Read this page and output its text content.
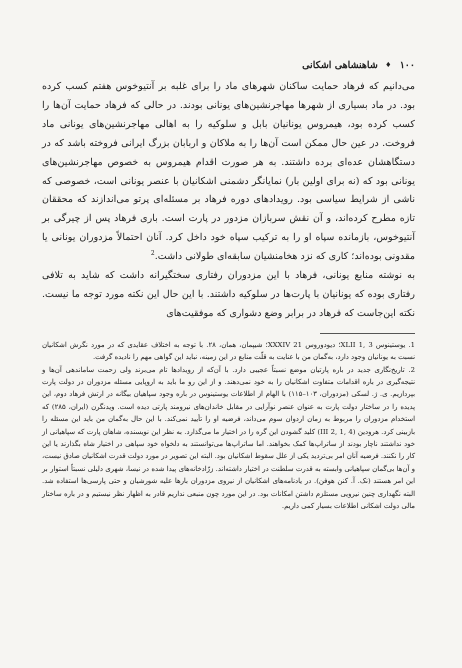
۱۰۰ ♦ شاهنشاهی اشکانی

می‌دانیم که فرهاد حمایت ساکنان شهرهای ماد را برای غلبه بر آنتیوخوس هفتم کسب کرده بود. در ماد بسیاری از شهرها مهاجرنشین‌های یونانی بودند. در حالی که فرهاد حمایت آن‌ها را کسب کرده بود، هیمروس یونانیان بابل و سلوکیه را به اهالی مهاجرنشین‌های یونانی ماد فروخت. در عین حال ممکن است آن‌ها را به ملاکان و اربابان بزرگ ایرانی فروخته باشد که در دستگاهشان عده‌ای برده داشتند. به هر صورت اقدام هیمروس به خصوص مهاجرنشین‌های یونانی بود که (نه برای اولین بار) نمایانگر دشمنی اشکانیان با عنصر یونانی است، خصوصی که ناشی از شرایط سیاسی بود. رویدادهای دوره فرهاد بر مسئله‌ای پرتو می‌اندازند که محققان تازه مطرح کرده‌اند، و آن نقش سربازان مزدور در پارت است. باری فرهاد پس از چیرگی بر آنتیوخوس، بازمانده سپاه او را به ترکیب سپاه خود داخل کرد. آنان احتمالاً مزدوران یونانی یا مقدونی بوده‌اند؛ کاری که نزد هخامنشیان سابقه‌ای طولانی داشت.$^2$

به نوشته منابع یونانی، فرهاد با این مزدوران رفتاری سختگیرانه داشت که شاید به تلافی رفتاری بوده که یونانیان با پارت‌ها در سلوکیه داشتند. با این حال این نکته مورد توجه ما نیست. نکته این‌جاست که فرهاد در برابر وضع دشواری که موفقیت‌های

1. یوستینوس XLII 1, 3؛ دیودوروس XXXIV 21؛ شیپمان، همان، ۲۸. با توجه به اختلاف عقایدی که در مورد نگرش اشکانیان نسبت به یونانیان وجود دارد، به‌گمان من با عنایت به قلّت منابع در این زمینه، نباید این گواهی مهم را نادیده گرفت.

2. تاریخ‌نگاری جدید در باره پارتیان موضع نسبتاً عجیبی دارد. با آن‌که از رویدادها تام می‌برند ولی زحمت ساماندهی آن‌ها و نتیجه‌گیری در باره اقدامات متفاوت اشکانیان را به خود نمی‌دهند. و از این رو ما باید به اروپایی مسئله مزدوران در دولت پارت بپردازیم. ی. ژ. لسکی (مزدوران، ۱۰۳–۱۱۵) با الهام از اطلاعات یوستینوس در باره وجود سپاهیان بیگانه در ارتش فرهاد دوم، این پدیده را در ساختار دولت پارت به عنوان عنصر نوآرایی در مقابل خاندان‌های نیرومند پارتی دیده است. ویدنگرن (ایران، ۲۸۵) که استخدام مزدوران را مربوط به زمان اردوان سوم می‌داند، فرضیه او را تأیید نمی‌کند. با این حال به‌گمان من باید این مسئله را بازبینی کرد. هرودین (III 2, 1, 4) کلید گشودن این گره را در اختیار ما می‌گذارد. به نظر این نویسنده، شاهان پارت که سپاهیانی از خود نداشتند ناچار بودند از ساتراپ‌ها کمک بخواهند. اما ساتراپ‌ها می‌توانستند به دلخواه خود سپاهی در اختیار شاه بگذارند یا این کار را نکنند. فرضیه آنان امر بی‌تردید یکی از علل سقوط اشکانیان بود. البته این تصویر در مورد دولت قدرت اشکانیان صادق نیست، و آن‌ها بی‌گمان سپاهیانی وابسته به قدرت سلطنت در اختیار داشته‌اند. زرّادخانه‌های پیدا شده در نیسا، شهری دلیلی نسبتاً استوار بر این امر هستند (نک. آ. کنن هوفن). در یادنامه‌های اشکانیان از نیروی مزدوران بارها علیه شورشیان و حتی پارسی‌ها استفاده شد. البته نگهداری چنین نیرویی مستلزم داشتن امکانات بود. در این مورد چون منبعی نداریم قادر به اظهار نظر نیستیم و در باره ساختار مالی دولت اشکانی اطلاعات بسیار کمی داریم.
